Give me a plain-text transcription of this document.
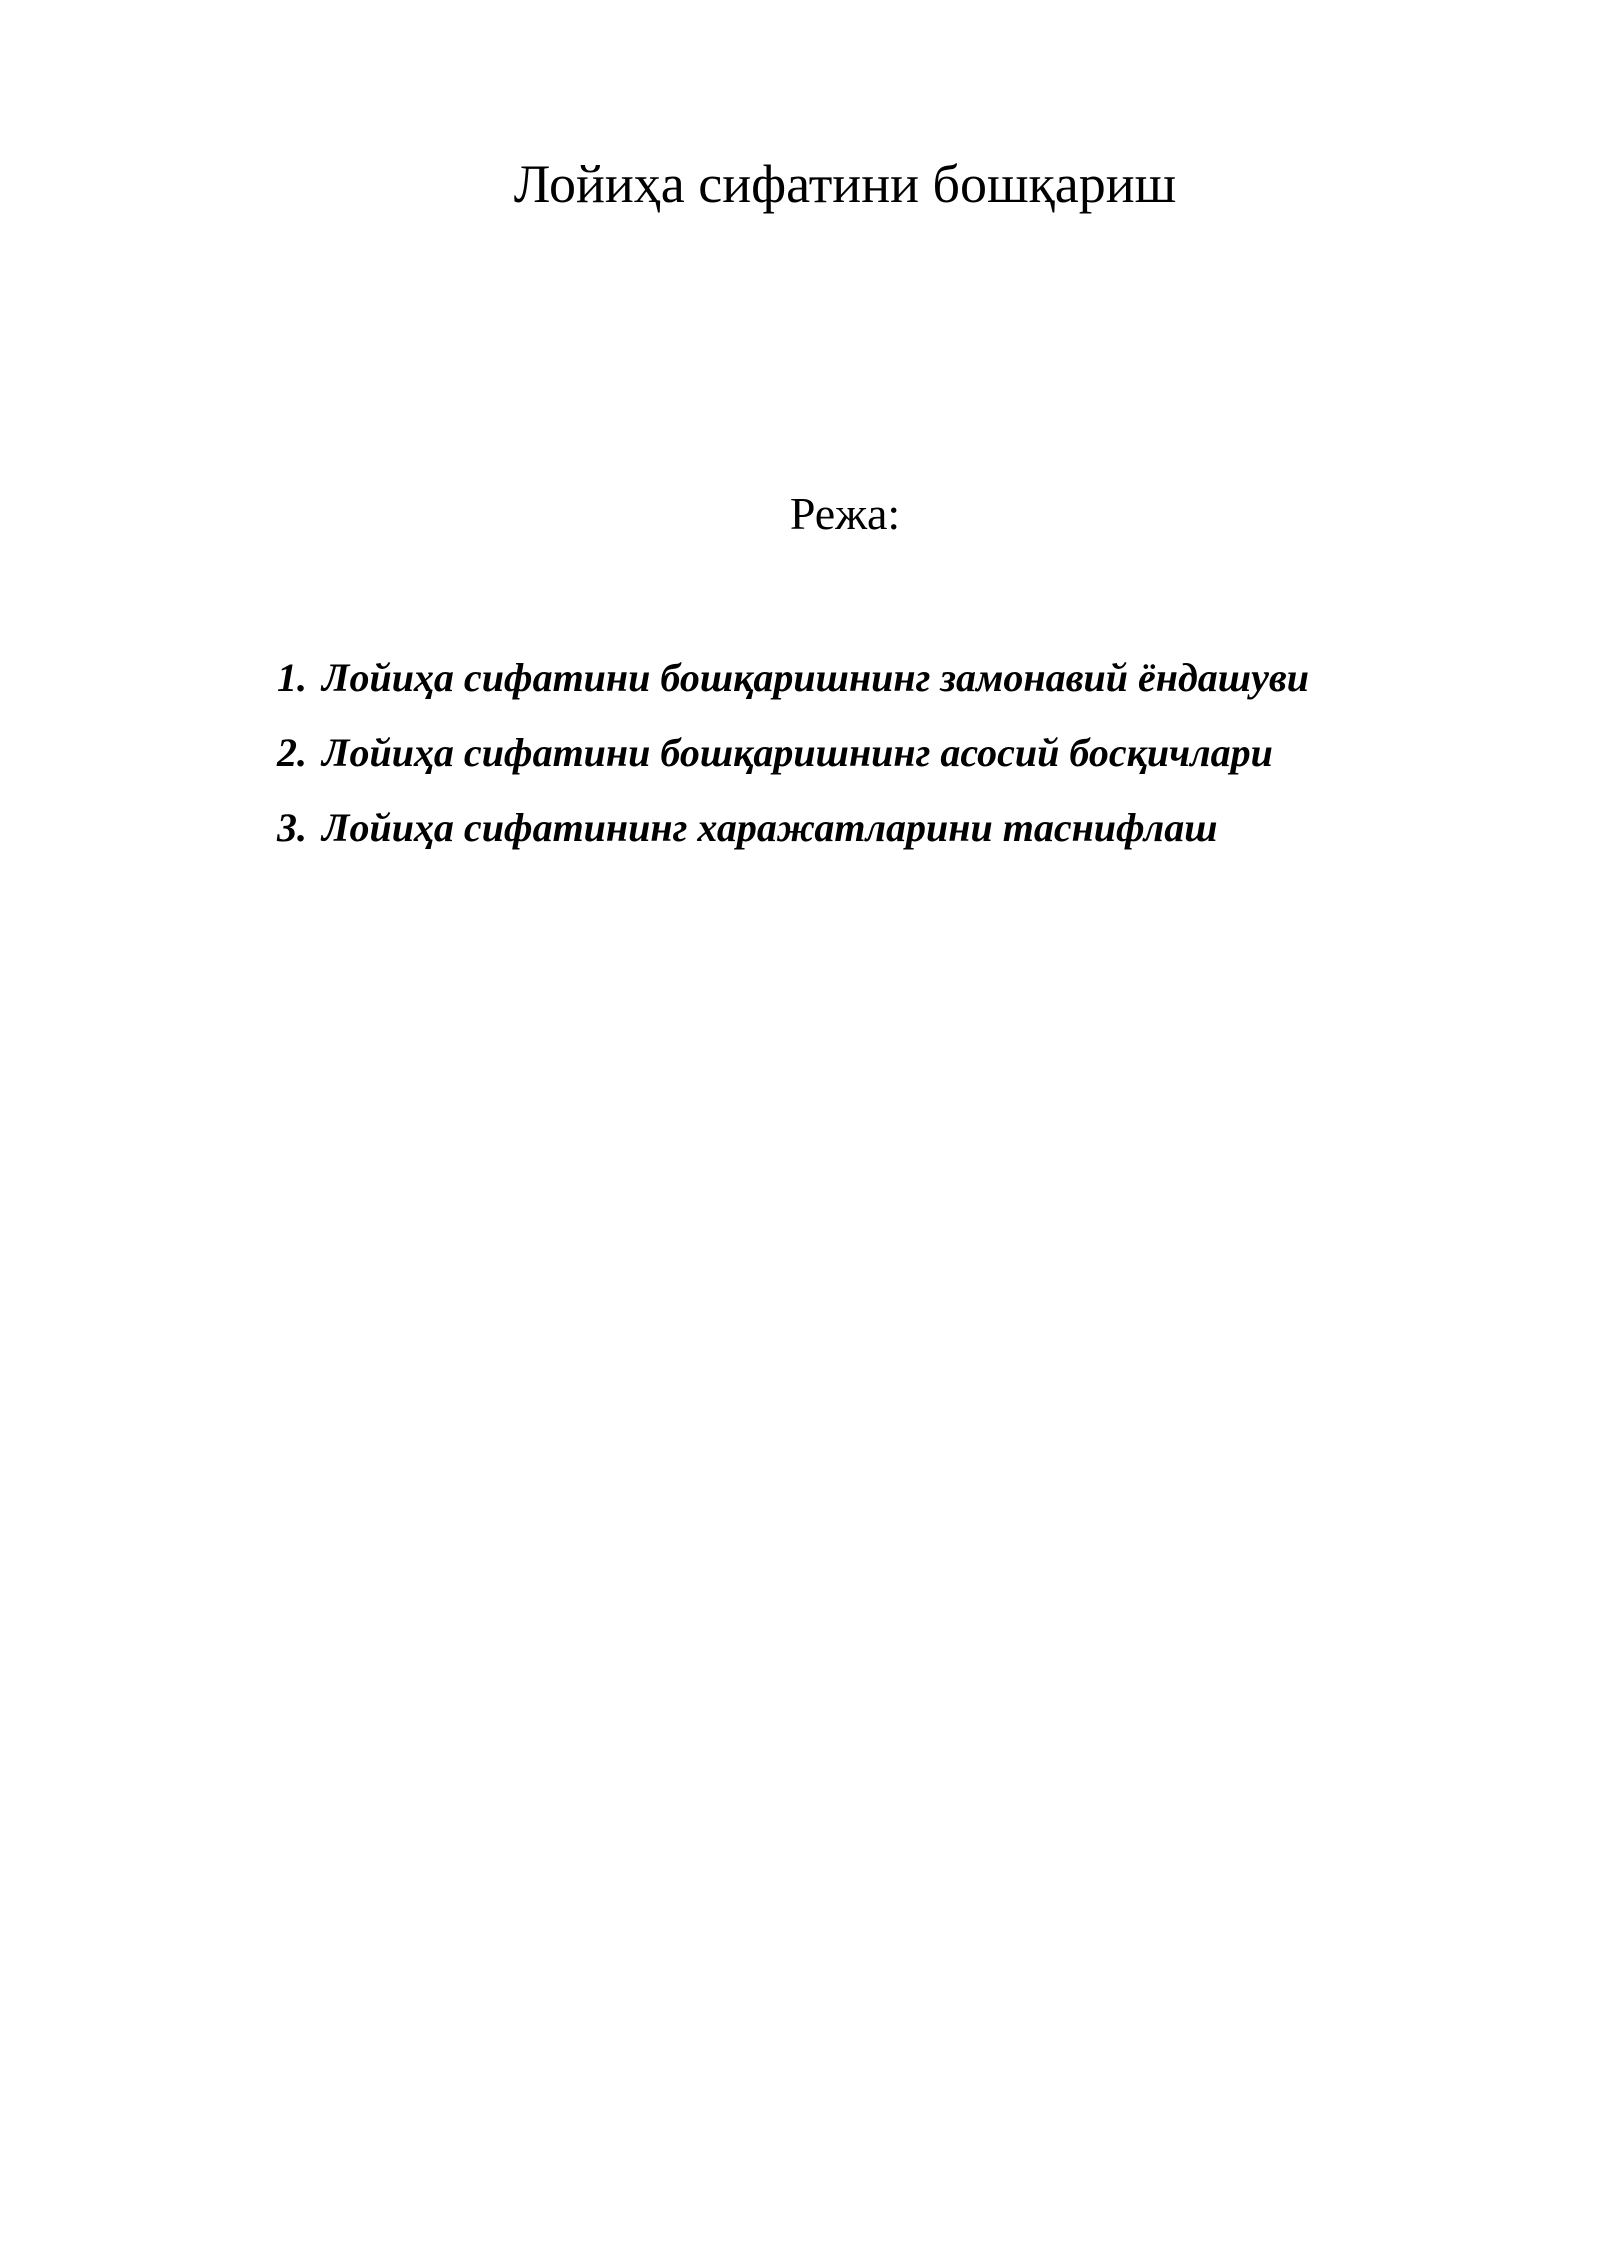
Лойиҳа сифатини бошқариш
Режа:
1. Лойиҳа сифатини бошқаришнинг замонавий ёндашуви
2. Лойиҳа сифатини бошқаришнинг асосий босқичлари
3. Лойиҳа сифатининг харажатларини таснифлаш
